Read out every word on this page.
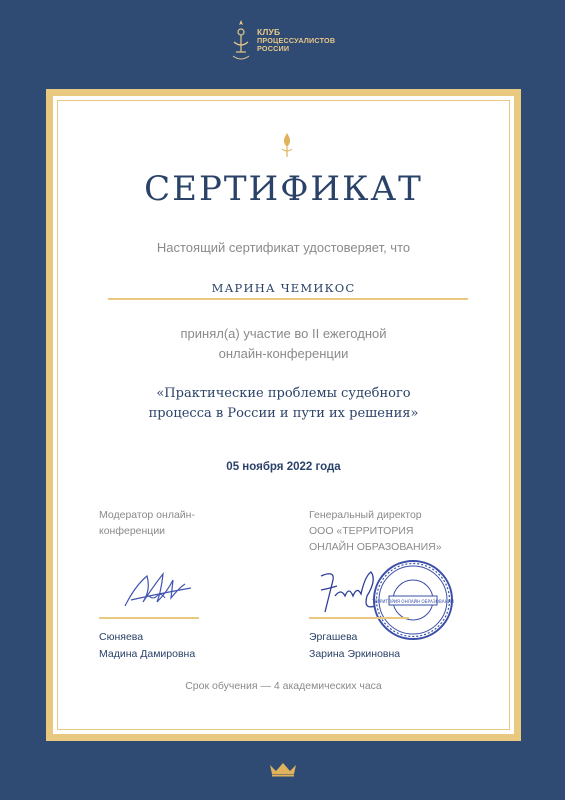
КЛУБ
ПРОЦЕССУАЛИСТОВ
РОССИИ
СЕРТИФИКАТ
Настоящий сертификат удостоверяет, что
МАРИНА ЧЕМИКОС
принял(а) участие во II ежегодной
онлайн-конференции
«Практические проблемы судебного
процесса в России и пути их решения»
05 ноября 2022 года
Модератор онлайн-
конференции
Сюняева
Мадина Дамировна
Генеральный директор
ООО «ТЕРРИТОРИЯ
ОНЛАЙН ОБРАЗОВАНИЯ»
ТЕРРИТОРИЯ ОНЛАЙН ОБРАЗОВАНИЯ
Эргашева
Зарина Эркиновна
Срок обучения — 4 академических часа
